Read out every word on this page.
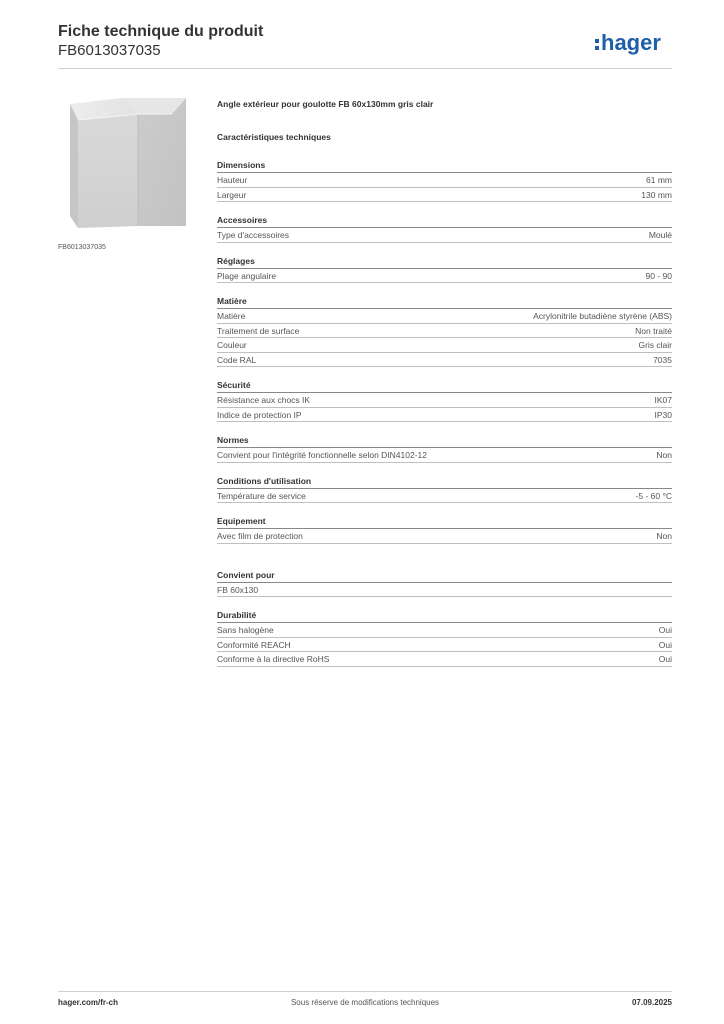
Fiche technique du produit
FB6013037035	hager
FB6013037035
Angle extérieur pour goulotte FB 60x130mm gris clair
Caractéristiques techniques
Dimensions
Hauteur	61 mm
Largeur	130 mm
Accessoires
Type d'accessoires	Moulé
Réglages
Plage angulaire	90 - 90
Matière
Matière	Acrylonitrile butadiène styrène (ABS)
Traitement de surface	Non traité
Couleur	Gris clair
Code RAL	7035
Sécurité
Résistance aux chocs IK	IK07
Indice de protection IP	IP30
Normes
Convient pour l'intégrité fonctionnelle selon DIN4102-12	Non
Conditions d'utilisation
Température de service	-5 - 60 °C
Equipement
Avec film de protection	Non
Convient pour
FB 60x130
Durabilité
Sans halogène	Oui
Conformité REACH	Oui
Conforme à la directive RoHS	Oui
hager.com/fr-ch	Sous réserve de modifications techniques	07.09.2025
